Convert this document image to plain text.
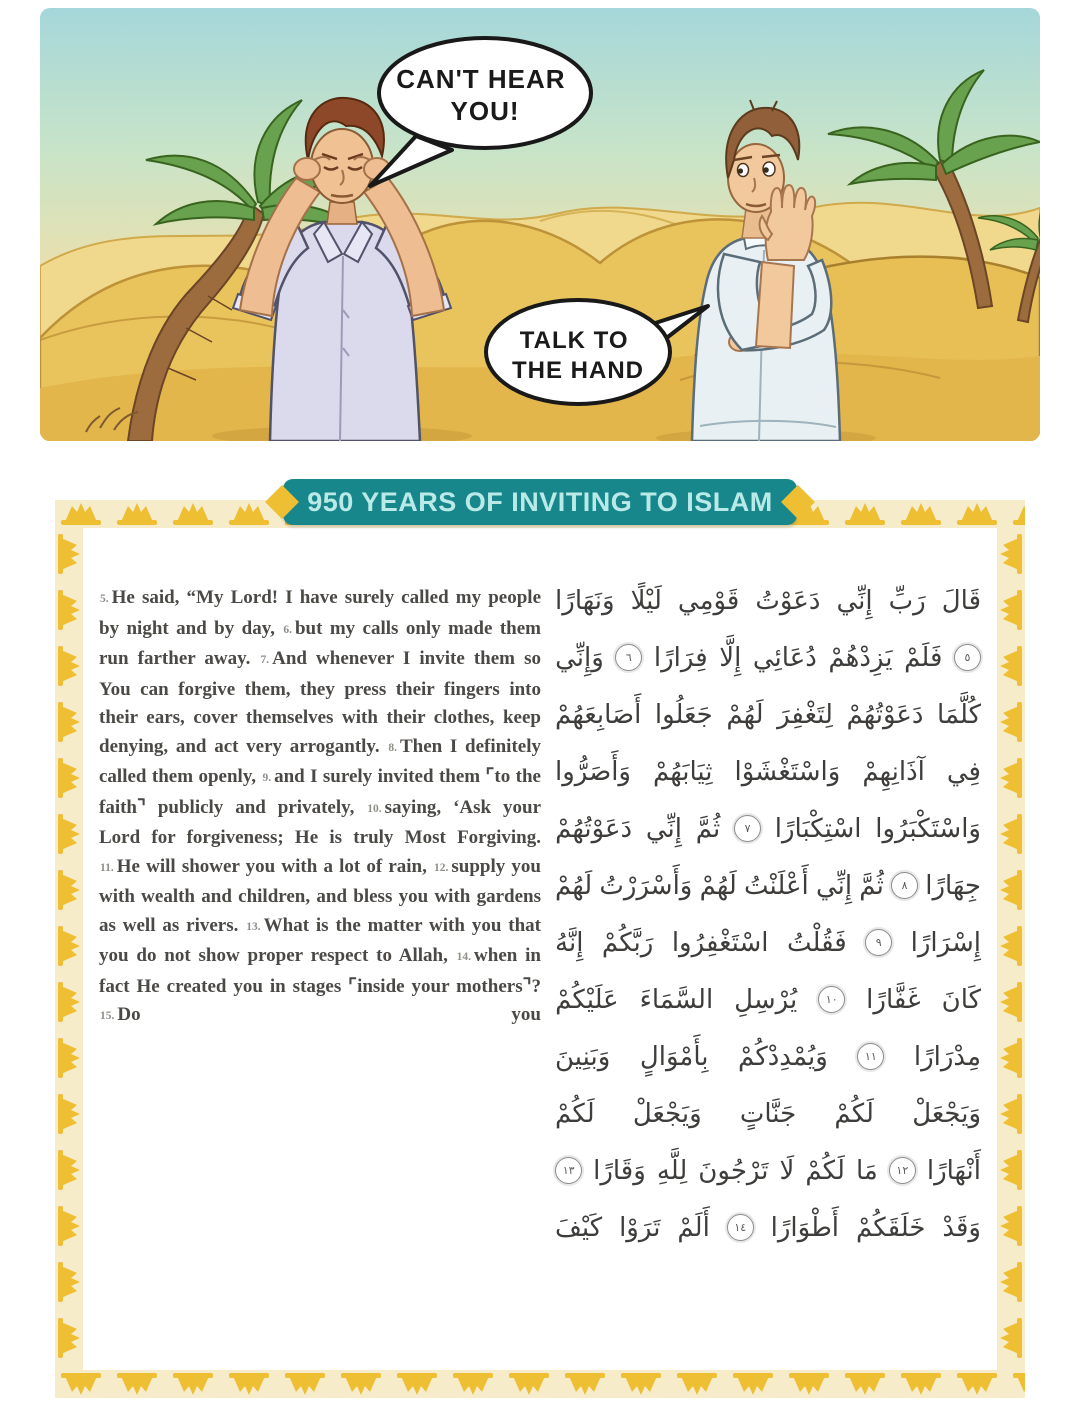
CAN'T HEAR YOU!
TALK TO THE HAND
950 YEARS OF INVITING TO ISLAM

5. He said, “My Lord! I have surely called my people by night and by day, 6. but my calls only made them run farther away. 7. And whenever I invite them so You can forgive them, they press their fingers into their ears, cover themselves with their clothes, keep denying, and act very arrogantly. 8. Then I definitely called them openly, 9. and I surely invited them ⌜to the faith⌝ publicly and privately, 10. saying, ‘Ask your Lord for forgiveness; He is truly Most Forgiving. 11. He will shower you with a lot of rain, 12. supply you with wealth and children, and bless you with gardens as well as rivers. 13. What is the matter with you that you do not show proper respect to Allah, 14. when in fact He created you in stages ⌜inside your mothers⌝? 15. Do you

قَالَ
رَبِّ
إِنِّي
دَعَوْتُ
قَوْمِي
لَيْلًا
وَنَهَارًا
٥
فَلَمْ
يَزِدْهُمْ
دُعَائِي
إِلَّا
فِرَارًا
٦
وَإِنِّي
كُلَّمَا
دَعَوْتُهُمْ
لِتَغْفِرَ
لَهُمْ
جَعَلُوا
أَصَابِعَهُمْ
فِي
آذَانِهِمْ
وَاسْتَغْشَوْا
ثِيَابَهُمْ
وَأَصَرُّوا
وَاسْتَكْبَرُوا
اسْتِكْبَارًا
٧
ثُمَّ
إِنِّي
دَعَوْتُهُمْ
جِهَارًا
٨
ثُمَّ
إِنِّي
أَعْلَنْتُ
لَهُمْ
وَأَسْرَرْتُ
لَهُمْ
إِسْرَارًا
٩
فَقُلْتُ
اسْتَغْفِرُوا
رَبَّكُمْ
إِنَّهُ
كَانَ
غَفَّارًا
١٠
يُرْسِلِ
السَّمَاءَ
عَلَيْكُمْ
مِدْرَارًا
١١
وَيُمْدِدْكُمْ
بِأَمْوَالٍ
وَبَنِينَ
وَيَجْعَلْ
لَكُمْ
جَنَّاتٍ
وَيَجْعَلْ
لَكُمْ
أَنْهَارًا
١٢
مَا
لَكُمْ
لَا
تَرْجُونَ
لِلَّهِ
وَقَارًا
١٣
وَقَدْ
خَلَقَكُمْ
أَطْوَارًا
١٤
أَلَمْ
تَرَوْا
كَيْفَ
